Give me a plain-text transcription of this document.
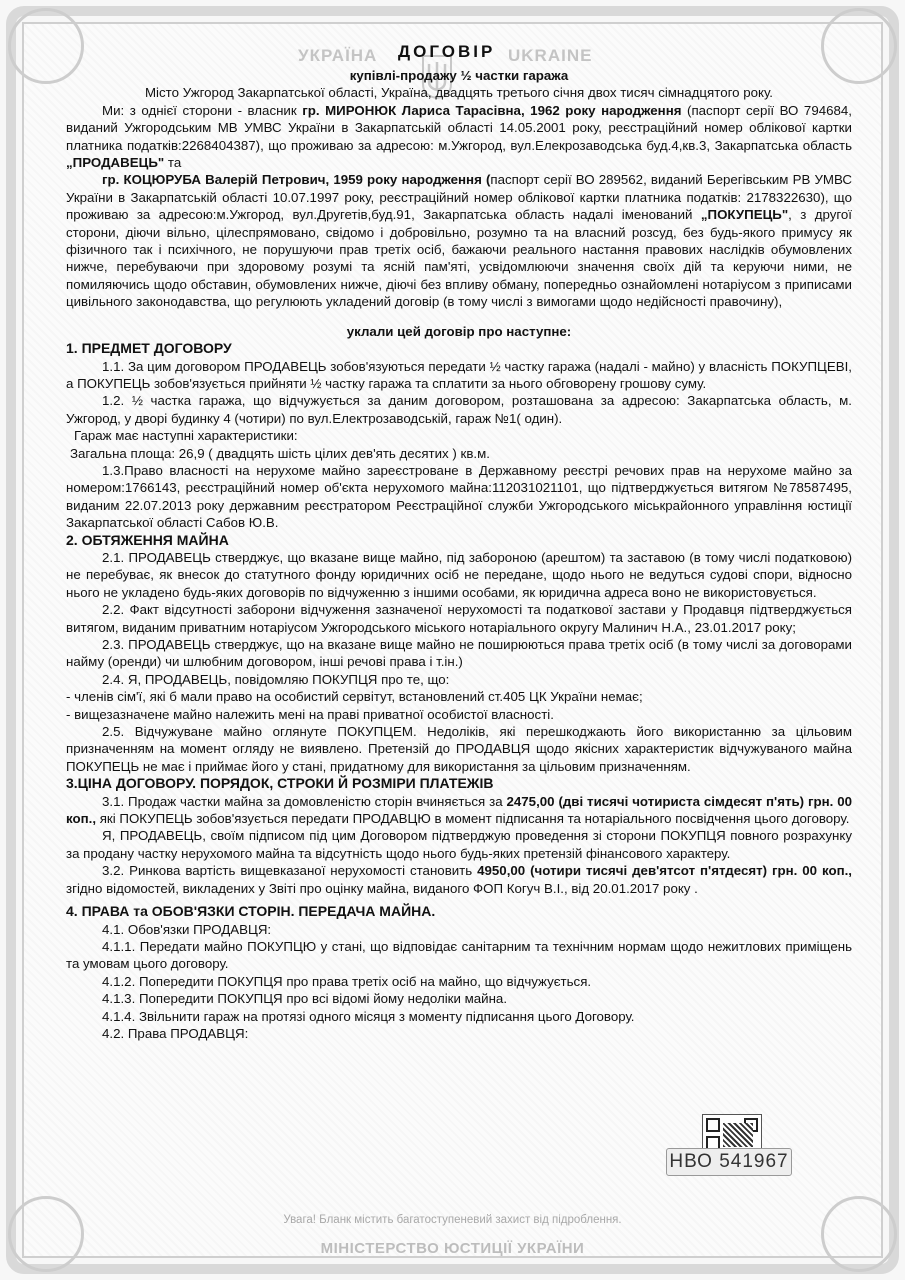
УКРАЇНА	UKRAINE
ДОГОВІР

купівлі-продажу ½ частки гаража

Місто Ужгород Закарпатської області, Україна, двадцять третього січня двох тисяч сімнадцятого року.

Ми: з однієї сторони - власник гр. МИРОНЮК Лариса Тарасівна, 1962 року народження (паспорт серії ВО 794684, виданий Ужгородським МВ УМВС України в Закарпатській області 14.05.2001 року, реєстраційний номер облікової картки платника податків:2268404387), що проживаю за адресою: м.Ужгород, вул.Елекрозаводська буд.4,кв.3, Закарпатська область „ПРОДАВЕЦЬ" та

гр. КОЦЮРУБА Валерій Петрович, 1959 року народження (паспорт серії ВО 289562, виданий Берегівським РВ УМВС України в Закарпатській області 10.07.1997 року, реєстраційний номер облікової картки платника податків: 2178322630), що проживаю за адресою:м.Ужгород, вул.Другетів,буд.91, Закарпатська область надалі іменований „ПОКУПЕЦЬ", з другої сторони, діючи вільно, цілеспрямовано, свідомо і добровільно, розумно та на власний розсуд, без будь-якого примусу як фізичного так і психічного, не порушуючи прав третіх осіб, бажаючи реального настання правових наслідків обумовлених нижче, перебуваючи при здоровому розумі та ясній пам'яті, усвідомлюючи значення своїх дій та керуючи ними, не помиляючись щодо обставин, обумовлених нижче, діючі без впливу обману, попередньо ознайомлені нотаріусом з приписами цивільного законодавства, що регулюють укладений договір (в тому числі з вимогами щодо недійсності правочину),

уклали цей договір про наступне:

1. ПРЕДМЕТ ДОГОВОРУ

1.1. За цим договором ПРОДАВЕЦЬ зобов'язуються передати ½ частку гаража (надалі - майно) у власність ПОКУПЦЕВІ, а ПОКУПЕЦЬ зобов'язується прийняти ½ частку гаража та сплатити за нього обговорену грошову суму.

1.2. ½ частка гаража, що відчужується за даним договором, розташована за адресою: Закарпатська область, м. Ужгород, у дворі будинку 4 (чотири) по вул.Електрозаводській, гараж №1( один).

Гараж має наступні характеристики:

Загальна площа: 26,9 ( двадцять шість цілих дев'ять десятих ) кв.м.

1.3.Право власності на нерухоме майно зареєстроване в Державному реєстрі речових прав на нерухоме майно за номером:1766143, реєстраційний номер об'єкта нерухомого майна:112031021101, що підтверджується витягом №78587495, виданим 22.07.2013 року державним реєстратором Реєстраційної служби Ужгородського міськрайонного управління юстиції Закарпатської області Сабов Ю.В.

2. ОБТЯЖЕННЯ МАЙНА

2.1. ПРОДАВЕЦЬ стверджує, що вказане вище майно, під забороною (арештом) та заставою (в тому числі податковою) не перебуває, як внесок до статутного фонду юридичних осіб не передане, щодо нього не ведуться судові спори, відносно нього не укладено будь-яких договорів по відчуженню з іншими особами, як юридична адреса воно не використовується.

2.2. Факт відсутності заборони відчуження зазначеної нерухомості та податкової застави у Продавця підтверджується витягом, виданим приватним нотаріусом Ужгородського міського нотаріального округу Малинич Н.А., 23.01.2017 року;

2.3. ПРОДАВЕЦЬ стверджує, що на вказане вище майно не поширюються права третіх осіб (в тому числі за договорами найму (оренди) чи шлюбним договором, інші речові права і т.ін.)

2.4. Я, ПРОДАВЕЦЬ, повідомляю ПОКУПЦЯ про те, що:

- членів сім'ї, які б мали право на особистий сервітут, встановлений ст.405 ЦК України немає;

- вищезазначене майно належить мені на праві приватної особистої власності.

2.5. Відчужуване майно оглянуте ПОКУПЦЕМ. Недоліків, які перешкоджають його використанню за цільовим призначенням на момент огляду не виявлено. Претензій до ПРОДАВЦЯ щодо якісних характеристик відчужуваного майна ПОКУПЕЦЬ не має і приймає його у стані, придатному для використання за цільовим призначенням.

3.ЦІНА ДОГОВОРУ. ПОРЯДОК, СТРОКИ Й РОЗМІРИ ПЛАТЕЖІВ

3.1. Продаж частки майна за домовленістю сторін вчиняється за 2475,00 (дві тисячі чотириста сімдесят п'ять) грн. 00 коп., які ПОКУПЕЦЬ зобов'язується передати ПРОДАВЦЮ в момент підписання та нотаріального посвідчення цього договору.

Я, ПРОДАВЕЦЬ, своїм підписом під цим Договором підтверджую проведення зі сторони ПОКУПЦЯ повного розрахунку за продану частку нерухомого майна та відсутність щодо нього будь-яких претензій фінансового характеру.

3.2. Ринкова вартість вищевказаної нерухомості становить 4950,00 (чотири тисячі дев'ятсот п'ятдесят) грн. 00 коп., згідно відомостей, викладених у Звіті про оцінку майна, виданого ФОП Когуч В.І., від 20.01.2017 року .

4. ПРАВА та ОБОВ'ЯЗКИ СТОРІН. ПЕРЕДАЧА МАЙНА.

4.1. Обов'язки ПРОДАВЦЯ:

4.1.1. Передати майно ПОКУПЦЮ у стані, що відповідає санітарним та технічним нормам щодо нежитлових приміщень та умовам цього договору.

4.1.2. Попередити ПОКУПЦЯ про права третіх осіб на майно, що відчужується.

4.1.3. Попередити ПОКУПЦЯ про всі відомі йому недоліки майна.

4.1.4. Звільнити гараж на протязі одного місяця з моменту підписання цього Договору.

4.2. Права ПРОДАВЦЯ:

НВО 541967
Увага! Бланк містить багатоступеневий захист від підроблення.
МІНІСТЕРСТВО ЮСТИЦІЇ УКРАЇНИ
